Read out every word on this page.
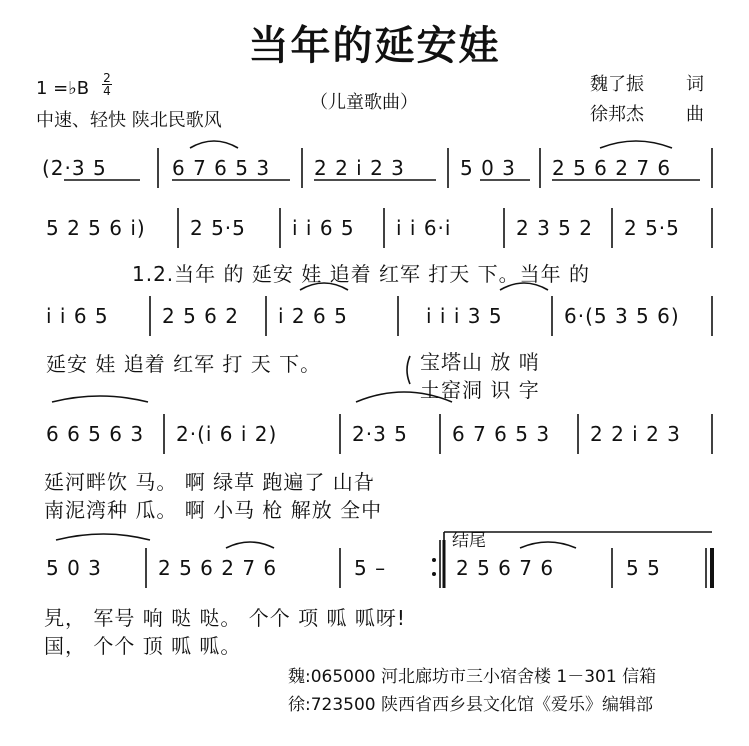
当年的延安娃
1 =♭B 2
4
中速、轻快 陕北民歌风
（儿童歌曲）
魏了振 词
徐邦杰 曲
(2·3 5	6 7 6 5 3 2 2 i 2 3	5 0 3 2 5 6 2 7 6
5 2 5 6 i) 2 5·5 i i 6 5 i i 6·i	2 3 5 2 2 5·5
1.2.当年 的 延安 娃 追着 红军 打天 下。当年 的
i i 6 5	2 5 6 2 i 2 6 5	i i i 3 5	6·(5 3 5 6)
延安 娃 追着 红军 打 天 下。	宝塔山 放 哨
土窑洞 识 字
6 6 5 6 3 2·(i 6 i 2)	2·3 5 6 7 6 5 3 2 2 i 2 3
延河畔饮 马。 啊 绿草 跑遍了 山旮
南泥湾种 瓜。 啊 小马 枪 解放 全中
结尾
5 0 3	2 5 6 2 7 6	5 –	2 5 6 7 6	5 5
旯， 军号 响 哒 哒。 个个 项 呱 呱呀!
国， 个个 顶 呱 呱。
魏:065000 河北廊坊市三小宿舍楼 1－301 信箱
徐:723500 陕西省西乡县文化馆《爱乐》编辑部
